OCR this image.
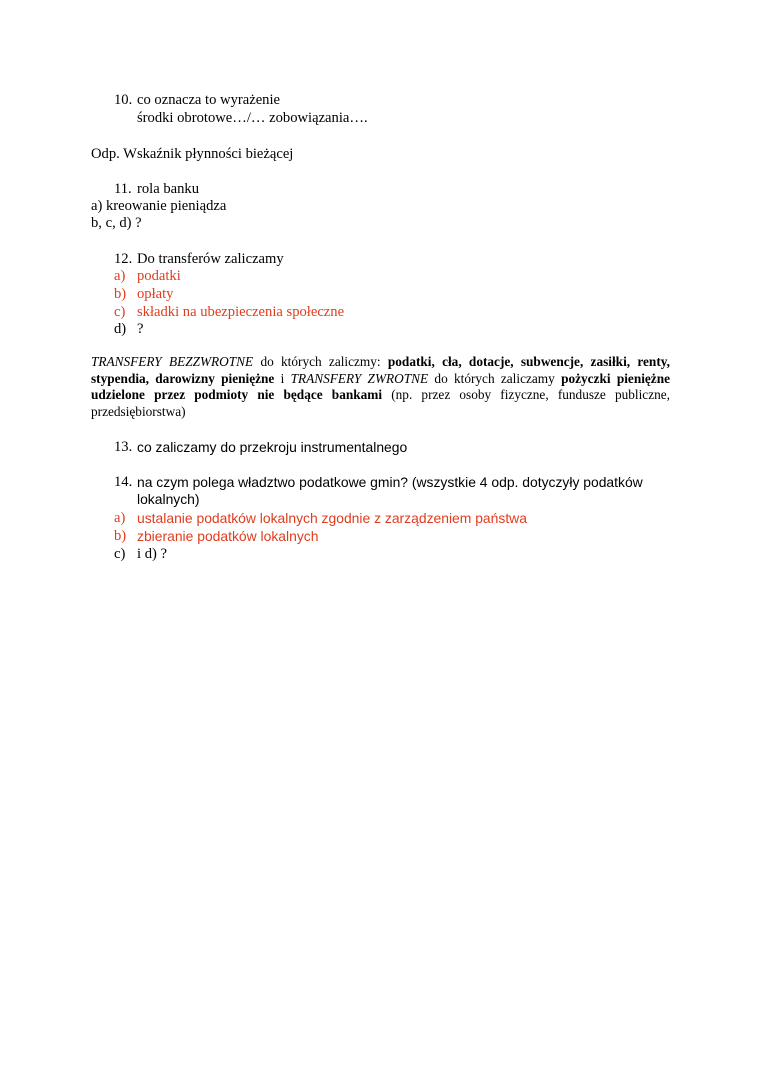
10. co oznacza to wyrażenie
środki obrotowe…/… zobowiązania….
Odp. Wskaźnik płynności bieżącej
11. rola banku
a) kreowanie pieniądza
b, c, d) ?
12. Do transferów zaliczamy
a) podatki
b) opłaty
c) składki na ubezpieczenia społeczne
d) ?
TRANSFERY BEZZWROTNE do których zaliczmy: podatki, cła, dotacje, subwencje, zasiłki, renty, stypendia, darowizny pieniężne i TRANSFERY ZWROTNE do których zaliczamy pożyczki pieniężne udzielone przez podmioty nie będące bankami (np. przez osoby fizyczne, fundusze publiczne, przedsiębiorstwa)
13. co zaliczamy do przekroju instrumentalnego
14. na czym polega władztwo podatkowe gmin? (wszystkie 4 odp. dotyczyły podatków
lokalnych)
a) ustalanie podatków lokalnych zgodnie z zarządzeniem państwa
b) zbieranie podatków lokalnych
c) i d) ?
